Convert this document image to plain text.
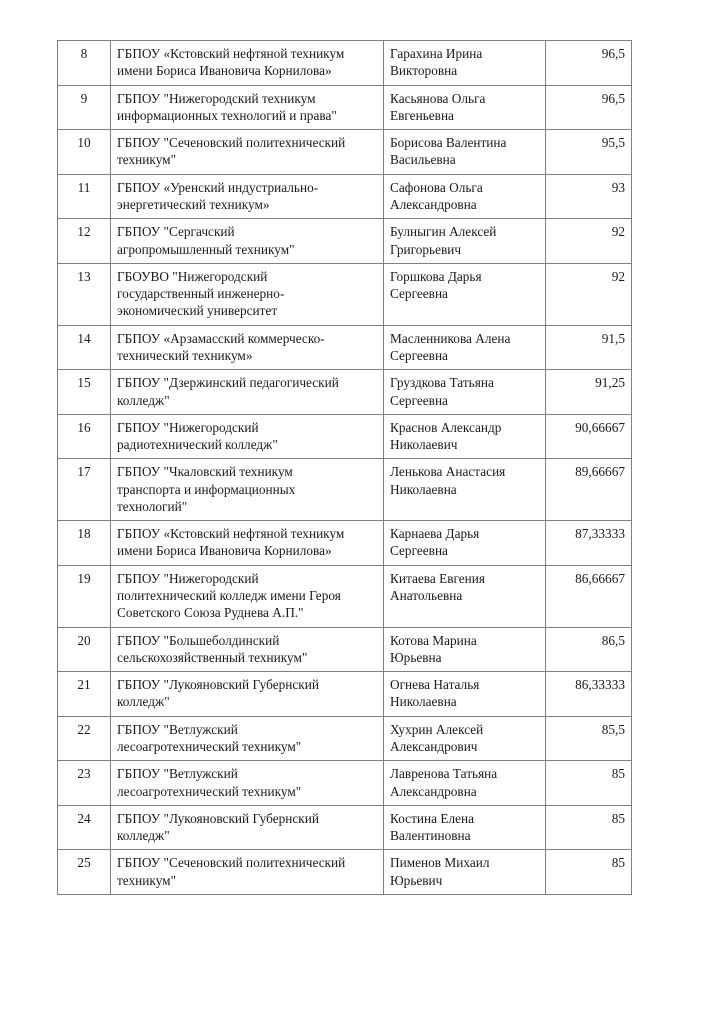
8	ГБПОУ «Кстовский нефтяной техникум
имени Бориса Ивановича Корнилова»	Гарахина Ирина
Викторовна	96,5
9	ГБПОУ "Нижегородский техникум
информационных технологий и права"	Касьянова Ольга
Евгеньевна	96,5
10	ГБПОУ "Сеченовский политехнический
техникум"	Борисова Валентина
Васильевна	95,5
11	ГБПОУ «Уренский индустриально-
энергетический техникум»	Сафонова Ольга
Александровна	93
12	ГБПОУ "Сергачский
агропромышленный техникум"	Булныгин Алексей
Григорьевич	92
13	ГБОУВО "Нижегородский
государственный инженерно-
экономический университет	Горшкова Дарья
Сергеевна	92
14	ГБПОУ «Арзамасский коммерческо-
технический техникум»	Масленникова Алена
Сергеевна	91,5
15	ГБПОУ "Дзержинский педагогический
колледж"	Груздкова Татьяна
Сергеевна	91,25
16	ГБПОУ "Нижегородский
радиотехнический колледж"	Краснов Александр
Николаевич	90,66667
17	ГБПОУ "Чкаловский техникум
транспорта и информационных
технологий"	Ленькова Анастасия
Николаевна	89,66667
18	ГБПОУ «Кстовский нефтяной техникум
имени Бориса Ивановича Корнилова»	Карнаева Дарья
Сергеевна	87,33333
19	ГБПОУ "Нижегородский
политехнический колледж имени Героя
Советского Союза Руднева А.П."	Китаева Евгения
Анатольевна	86,66667
20	ГБПОУ "Большеболдинский
сельскохозяйственный техникум"	Котова Марина
Юрьевна	86,5
21	ГБПОУ "Лукояновский Губернский
колледж"	Огнева Наталья
Николаевна	86,33333
22	ГБПОУ "Ветлужский
лесоагротехнический техникум"	Хухрин Алексей
Александрович	85,5
23	ГБПОУ "Ветлужский
лесоагротехнический техникум"	Лавренова Татьяна
Александровна	85
24	ГБПОУ "Лукояновский Губернский
колледж"	Костина Елена
Валентиновна	85
25	ГБПОУ "Сеченовский политехнический
техникум"	Пименов Михаил
Юрьевич	85
